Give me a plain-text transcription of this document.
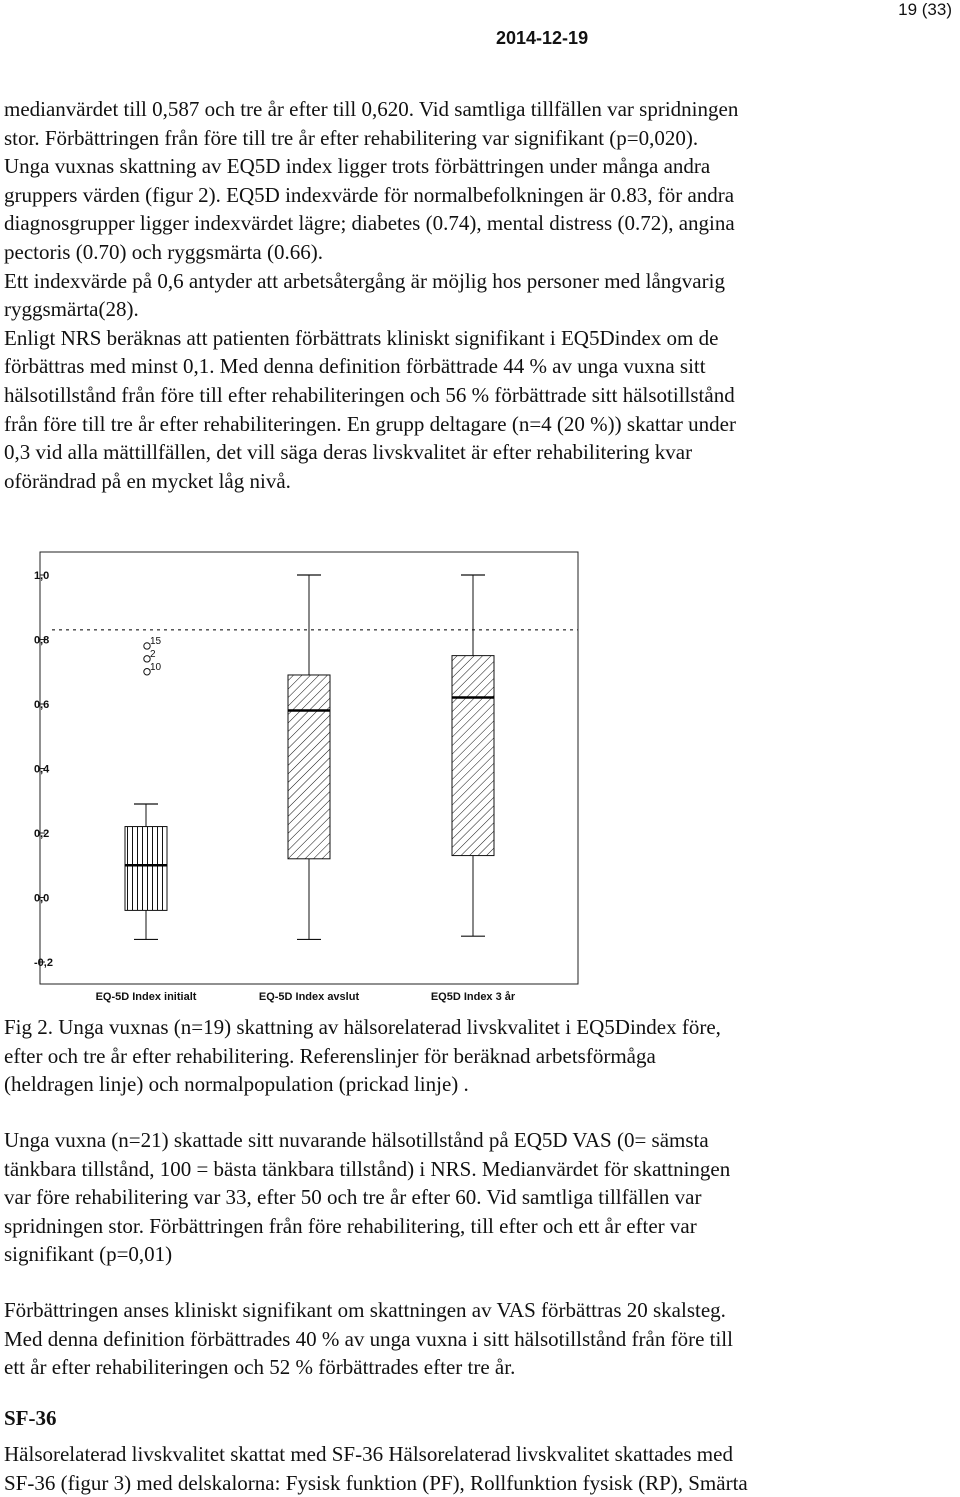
19 (33)
2014-12-19
medianvärdet till 0,587 och tre år efter till 0,620. Vid samtliga tillfällen var spridningen
stor. Förbättringen från före till tre år efter rehabilitering var signifikant (p=0,020).
Unga vuxnas skattning av EQ5D index ligger trots förbättringen under många andra
gruppers värden (figur 2). EQ5D indexvärde för normalbefolkningen är 0.83, för andra
diagnosgrupper ligger indexvärdet lägre; diabetes (0.74), mental distress (0.72), angina
pectoris (0.70) och ryggsmärta (0.66).
Ett indexvärde på 0,6 antyder att arbetsåtergång är möjlig hos personer med långvarig
ryggsmärta(28).
Enligt NRS beräknas att patienten förbättrats kliniskt signifikant i EQ5Dindex om de
förbättras med minst 0,1. Med denna definition förbättrade 44 % av unga vuxna sitt
hälsotillstånd från före till efter rehabiliteringen och 56 % förbättrade sitt hälsotillstånd
från före till tre år efter rehabiliteringen. En grupp deltagare (n=4 (20 %)) skattar under
0,3 vid alla mättillfällen, det vill säga deras livskvalitet är efter rehabilitering kvar
oförändrad på en mycket låg nivå.
1,0
0,8
0,6
0,4
0,2
0,0
-0,2
EQ-5D Index initialt	EQ-5D Index avslut	EQ5D Index 3 år
15
2
10
Fig 2. Unga vuxnas (n=19) skattning av hälsorelaterad livskvalitet i EQ5Dindex före,
efter och tre år efter rehabilitering. Referenslinjer för beräknad arbetsförmåga
(heldragen linje) och normalpopulation (prickad linje) .
Unga vuxna (n=21) skattade sitt nuvarande hälsotillstånd på EQ5D VAS (0= sämsta
tänkbara tillstånd, 100 = bästa tänkbara tillstånd) i NRS. Medianvärdet för skattningen
var före rehabilitering var 33, efter 50 och tre år efter 60. Vid samtliga tillfällen var
spridningen stor. Förbättringen från före rehabilitering, till efter och ett år efter var
signifikant (p=0,01)
Förbättringen anses kliniskt signifikant om skattningen av VAS förbättras 20 skalsteg.
Med denna definition förbättrades 40 % av unga vuxna i sitt hälsotillstånd från före till
ett år efter rehabiliteringen och 52 % förbättrades efter tre år.
SF-36
Hälsorelaterad livskvalitet skattat med SF-36 Hälsorelaterad livskvalitet skattades med
SF-36 (figur 3) med delskalorna: Fysisk funktion (PF), Rollfunktion fysisk (RP), Smärta
